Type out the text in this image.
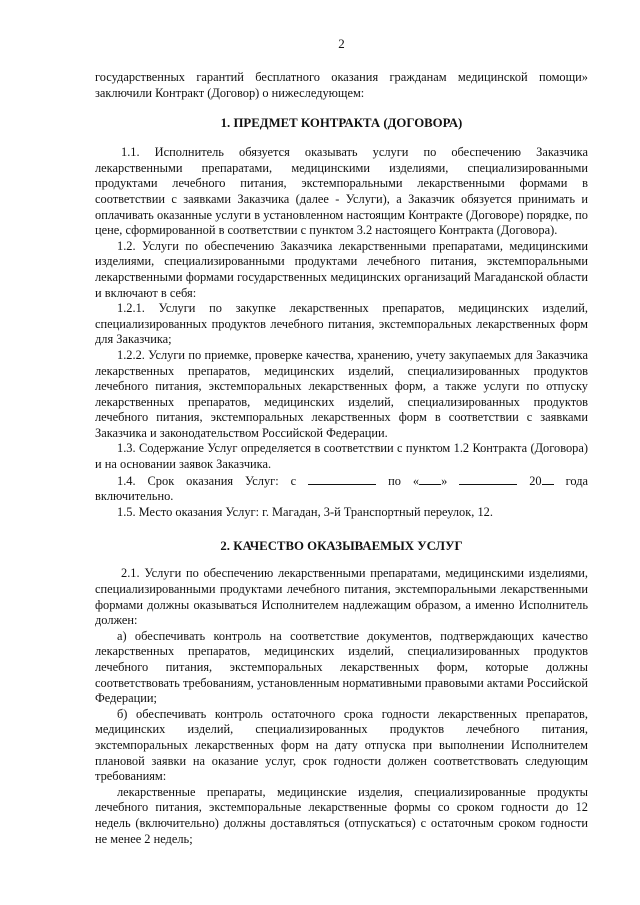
2

государственных гарантий бесплатного оказания гражданам медицинской помощи» заключили Контракт (Договор) о нижеследующем:

1. ПРЕДМЕТ КОНТРАКТА (ДОГОВОРА)

1.1. Исполнитель обязуется оказывать услуги по обеспечению Заказчика лекарственными препаратами, медицинскими изделиями, специализированными продуктами лечебного питания, экстемпоральными лекарственными формами в соответствии с заявками Заказчика (далее - Услуги), а Заказчик обязуется принимать и оплачивать оказанные услуги в установленном настоящим Контракте (Договоре) порядке, по цене, сформированной в соответствии с пунктом 3.2 настоящего Контракта (Договора).

1.2. Услуги по обеспечению Заказчика лекарственными препаратами, медицинскими изделиями, специализированными продуктами лечебного питания, экстемпоральными лекарственными формами государственных медицинских организаций Магаданской области и включают в себя:

1.2.1. Услуги по закупке лекарственных препаратов, медицинских изделий, специализированных продуктов лечебного питания, экстемпоральных лекарственных форм для Заказчика;

1.2.2. Услуги по приемке, проверке качества, хранению, учету закупаемых для Заказчика лекарственных препаратов, медицинских изделий, специализированных продуктов лечебного питания, экстемпоральных лекарственных форм, а также услуги по отпуску лекарственных препаратов, медицинских изделий, специализированных продуктов лечебного питания, экстемпоральных лекарственных форм в соответствии с заявками Заказчика и законодательством Российской Федерации.

1.3. Содержание Услуг определяется в соответствии с пунктом 1.2 Контракта (Договора) и на основании заявок Заказчика.

1.4. Срок оказания Услуг: с	по « »	20 года

включительно.

1.5. Место оказания Услуг: г. Магадан, 3-й Транспортный переулок, 12.

2. КАЧЕСТВО ОКАЗЫВАЕМЫХ УСЛУГ

2.1. Услуги по обеспечению лекарственными препаратами, медицинскими изделиями, специализированными продуктами лечебного питания, экстемпоральными лекарственными формами должны оказываться Исполнителем надлежащим образом, а именно Исполнитель должен:

а) обеспечивать контроль на соответствие документов, подтверждающих качество лекарственных препаратов, медицинских изделий, специализированных продуктов лечебного питания, экстемпоральных лекарственных форм, которые должны соответствовать требованиям, установленным нормативными правовыми актами Российской Федерации;

б) обеспечивать контроль остаточного срока годности лекарственных препаратов, медицинских изделий, специализированных продуктов лечебного питания, экстемпоральных лекарственных форм на дату отпуска при выполнении Исполнителем плановой заявки на оказание услуг, срок годности должен соответствовать следующим требованиям:

лекарственные препараты, медицинские изделия, специализированные продукты лечебного питания, экстемпоральные лекарственные формы со сроком годности до 12 недель (включительно) должны доставляться (отпускаться) с остаточным сроком годности не менее 2 недель;
